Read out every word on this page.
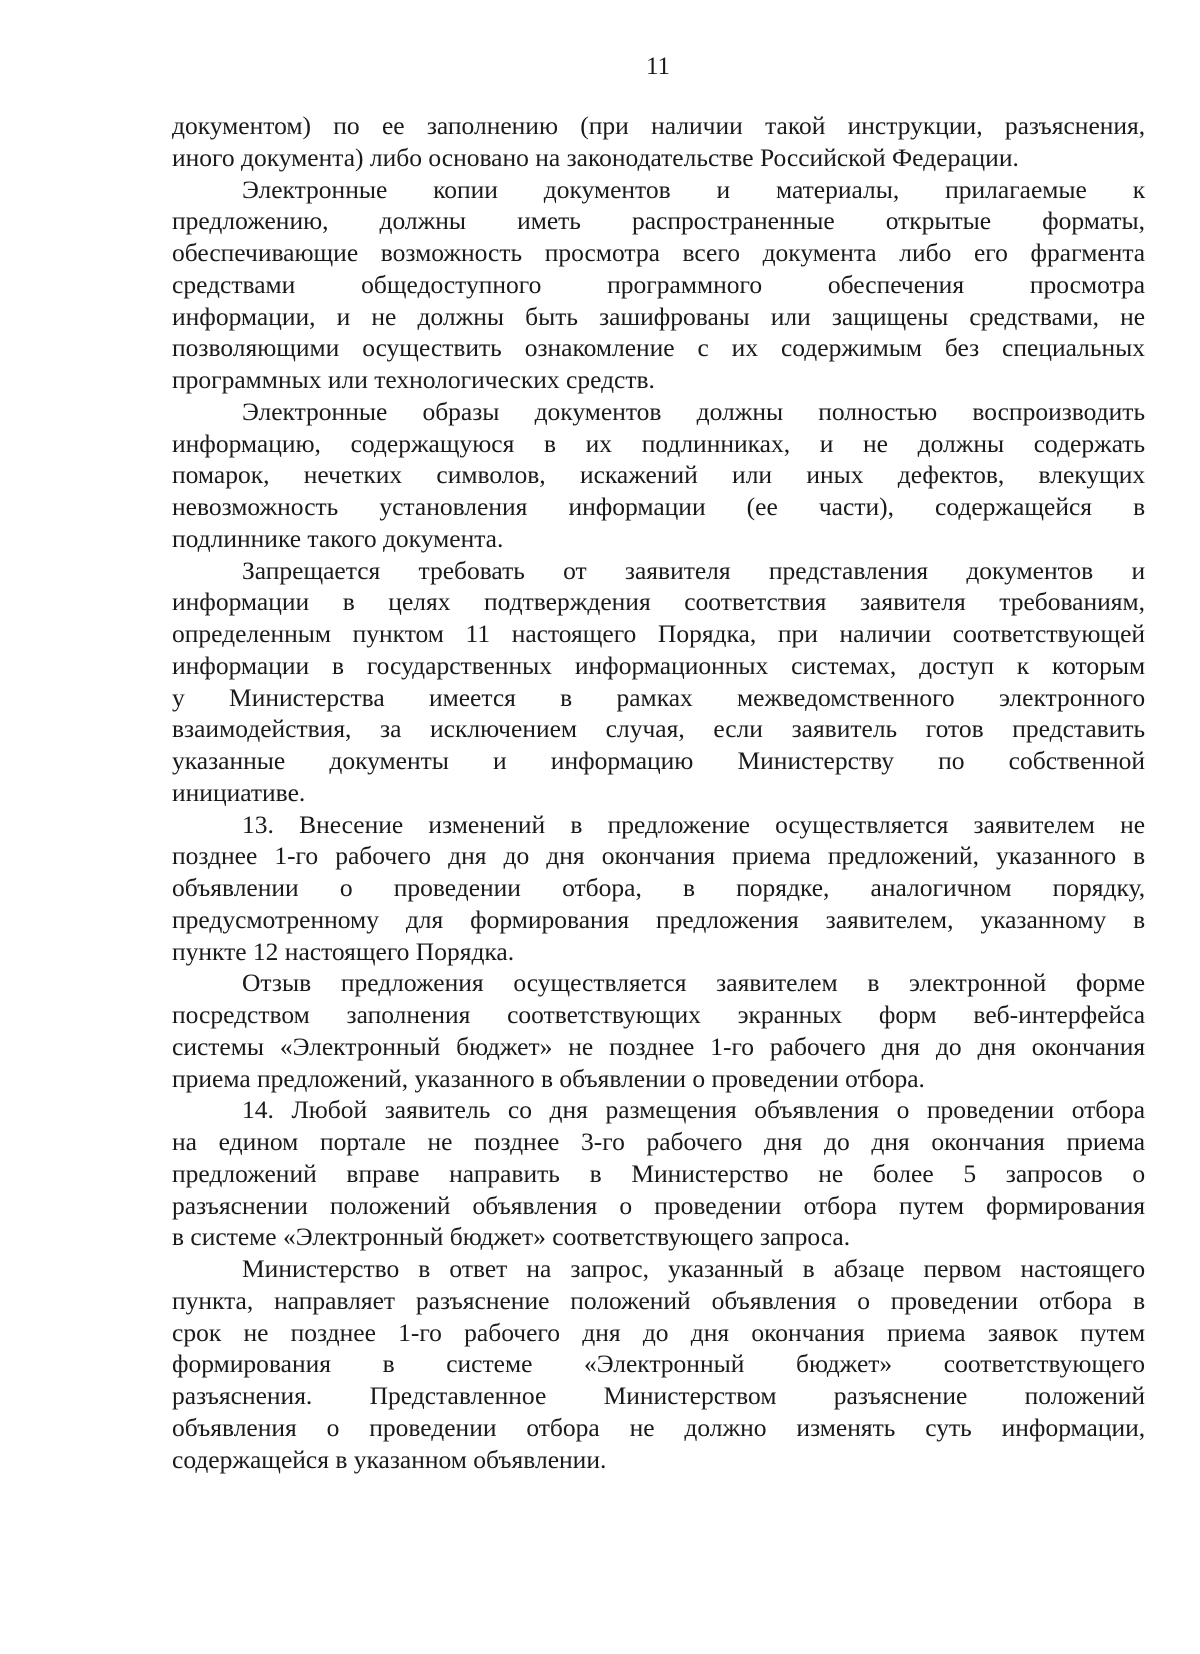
11

документом) по ее заполнению (при наличии такой инструкции, разъяснения,
иного документа) либо основано на законодательстве Российской Федерации.

Электронные копии документов и материалы, прилагаемые к
предложению, должны иметь распространенные открытые форматы,
обеспечивающие возможность просмотра всего документа либо его фрагмента
средствами	общедоступного	программного	обеспечения	просмотра
информации, и не должны быть зашифрованы или защищены средствами, не
позволяющими осуществить ознакомление с их содержимым без специальных
программных или технологических средств.

Электронные образы документов должны полностью воспроизводить
информацию, содержащуюся в их подлинниках, и не должны содержать
помарок, нечетких символов, искажений или иных дефектов, влекущих
невозможность установления информации (ее части), содержащейся в
подлиннике такого документа.

Запрещается требовать от заявителя представления документов и
информации в целях подтверждения соответствия заявителя требованиям,
определенным пунктом 11 настоящего Порядка, при наличии соответствующей
информации в государственных информационных системах, доступ к которым
у Министерства имеется в рамках межведомственного электронного
взаимодействия, за исключением случая, если заявитель готов представить
указанные документы и информацию Министерству по собственной
инициативе.

13. Внесение изменений в предложение осуществляется заявителем не
позднее 1-го рабочего дня до дня окончания приема предложений, указанного в
объявлении о проведении отбора, в порядке, аналогичном порядку,
предусмотренному для формирования предложения заявителем, указанному в
пункте 12 настоящего Порядка.

Отзыв предложения осуществляется заявителем в электронной форме
посредством заполнения соответствующих экранных форм веб-интерфейса
системы «Электронный бюджет» не позднее 1-го рабочего дня до дня окончания
приема предложений, указанного в объявлении о проведении отбора.

14. Любой заявитель со дня размещения объявления о проведении отбора
на едином портале не позднее 3-го рабочего дня до дня окончания приема
предложений вправе направить в Министерство не более 5 запросов о
разъяснении положений объявления о проведении отбора путем формирования
в системе «Электронный бюджет» соответствующего запроса.

Министерство в ответ на запрос, указанный в абзаце первом настоящего
пункта, направляет разъяснение положений объявления о проведении отбора в
срок не позднее 1-го рабочего дня до дня окончания приема заявок путем
формирования в системе «Электронный бюджет» соответствующего
разъяснения. Представленное Министерством разъяснение положений
объявления о проведении отбора не должно изменять суть информации,
содержащейся в указанном объявлении.
